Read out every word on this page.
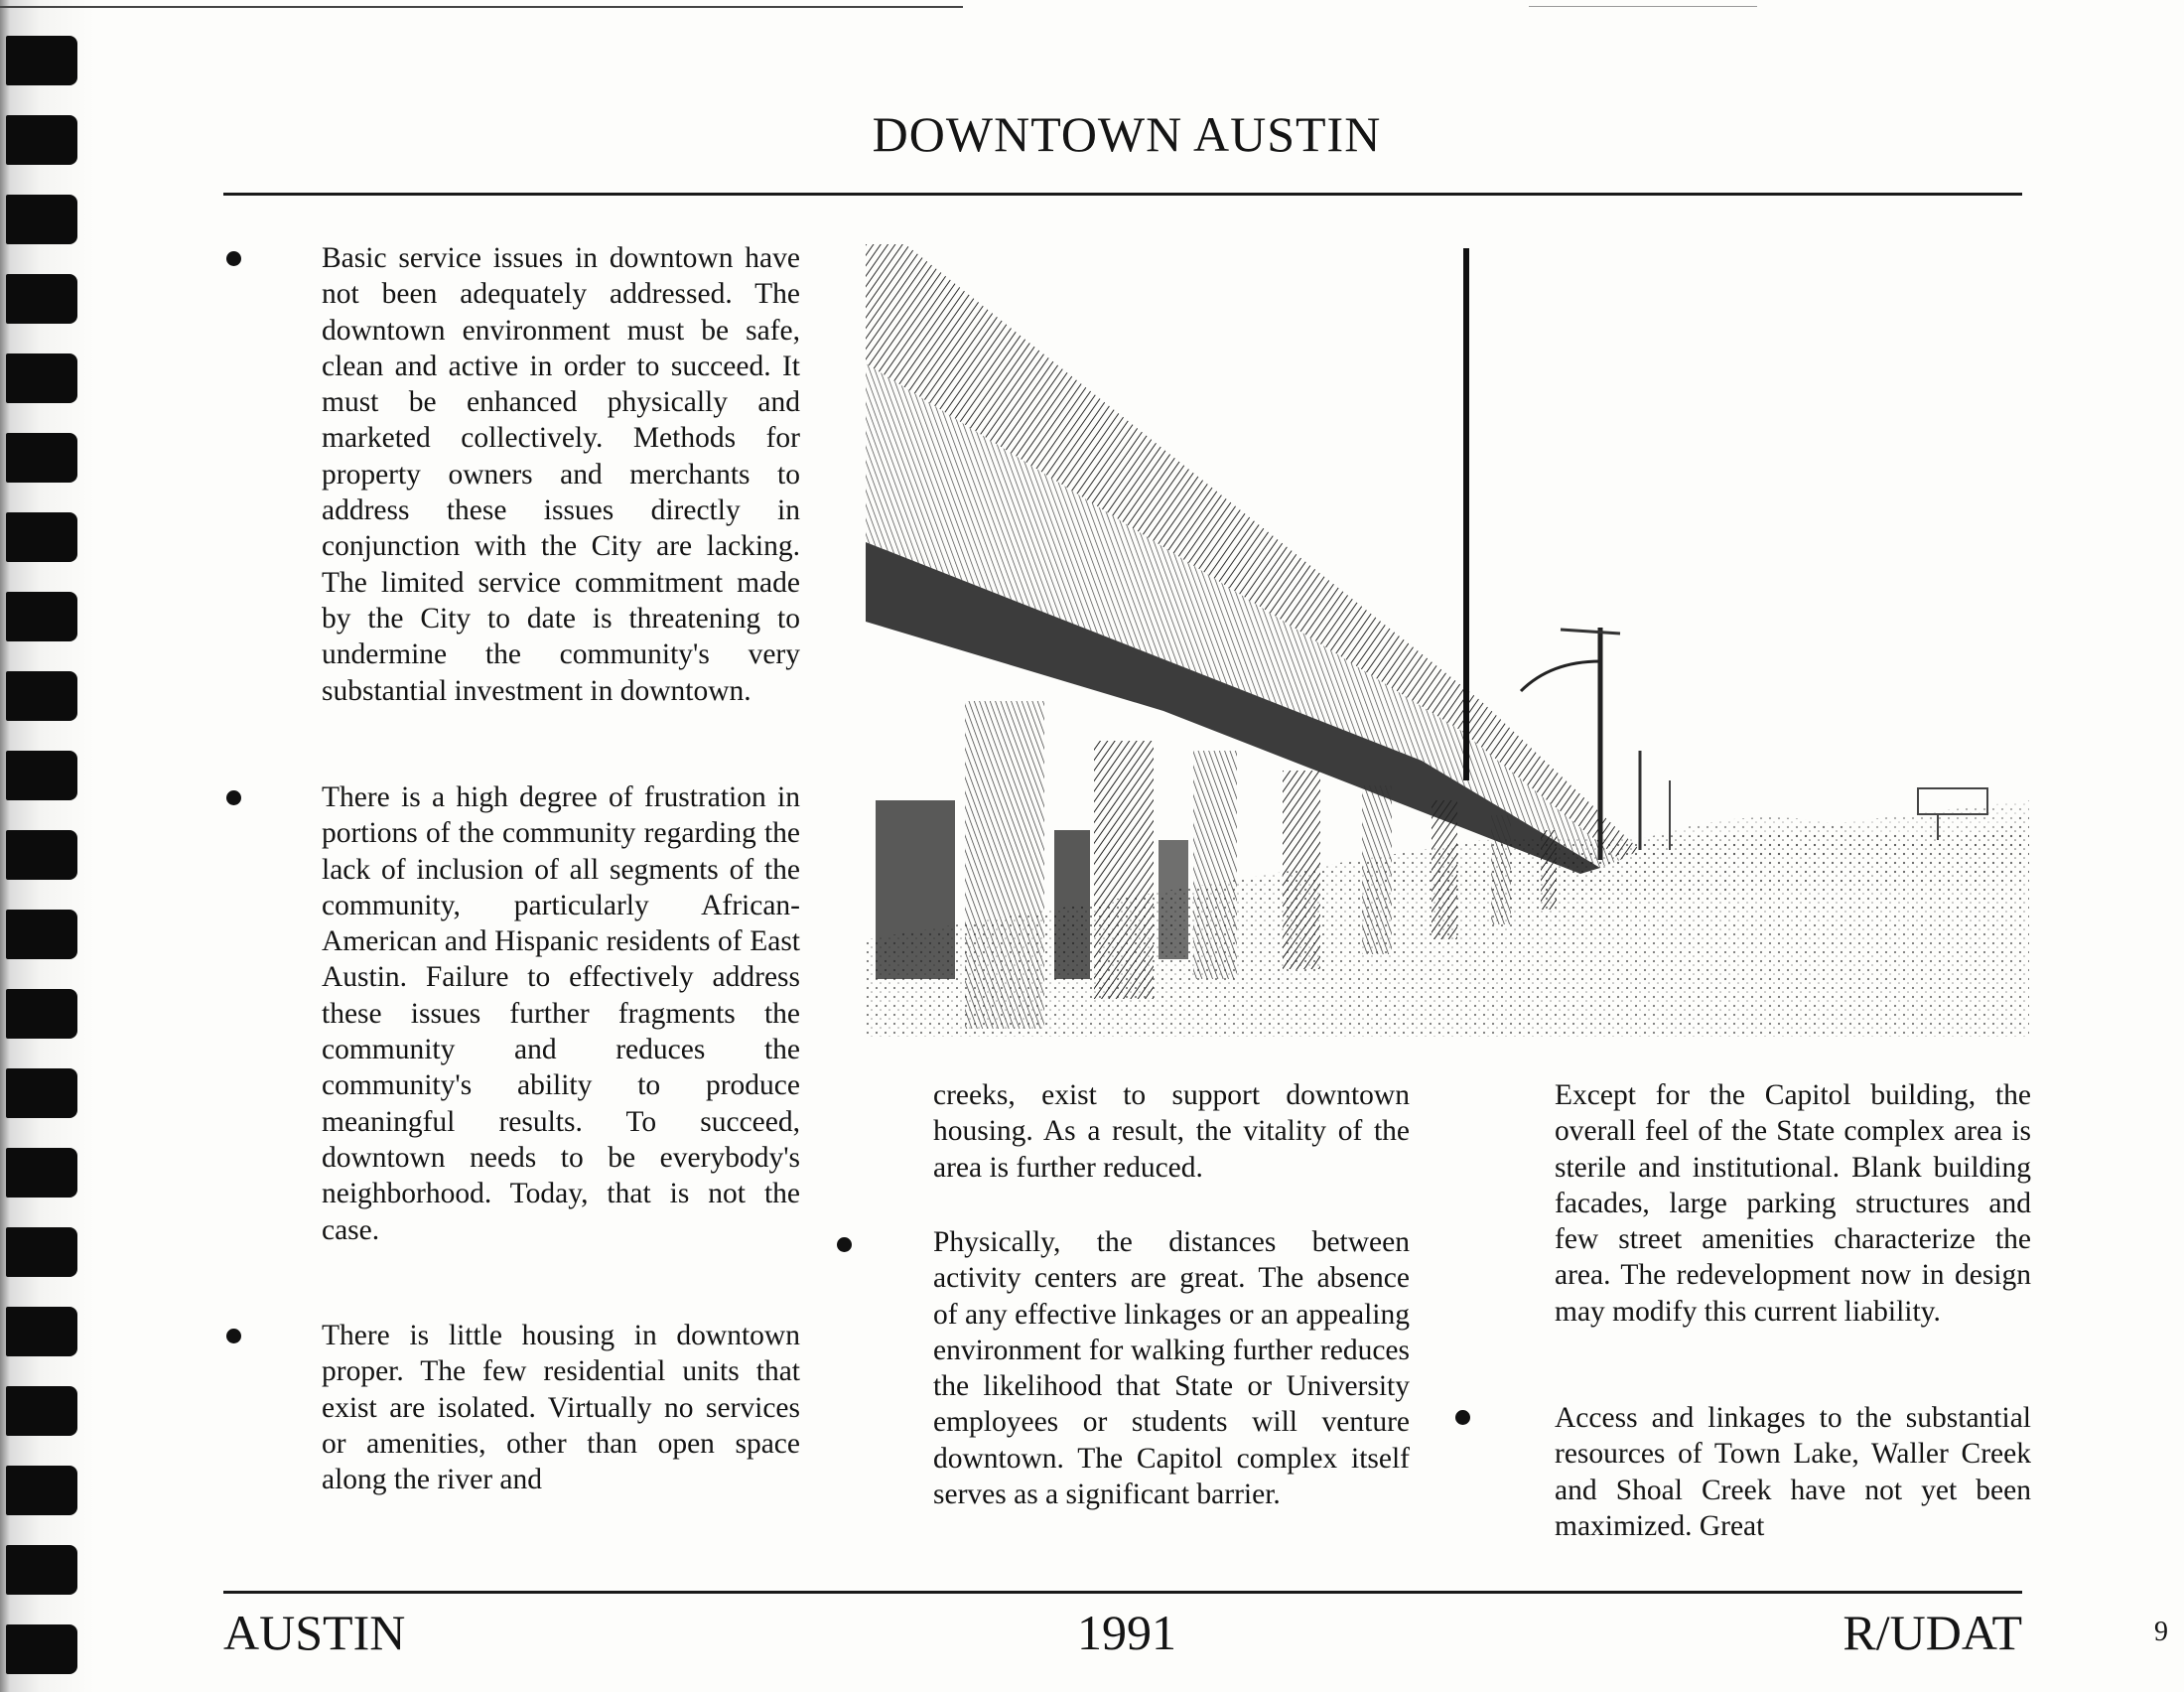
DOWNTOWN AUSTIN

Basic service issues in downtown have not been adequately addressed. The downtown environment must be safe, clean and active in order to succeed. It must be enhanced physically and marketed collectively. Methods for property owners and merchants to address these issues directly in conjunction with the City are lacking. The limited service commitment made by the City to date is threatening to undermine the community's very substantial investment in downtown.

There is a high degree of frustration in portions of the community regarding the lack of inclusion of all segments of the community, particularly African-American and Hispanic residents of East Austin. Failure to effectively address these issues further fragments the community and reduces the community's ability to produce meaningful results. To succeed, downtown needs to be everybody's neighborhood. Today, that is not the case.

There is little housing in downtown proper. The few residential units that exist are isolated. Virtually no services or amenities, other than open space along the river and

creeks, exist to support downtown housing. As a result, the vitality of the area is further reduced.

Physically, the distances between activity centers are great. The absence of any effective linkages or an appealing environment for walking further reduces the likelihood that State or University employees or students will venture downtown. The Capitol complex itself serves as a significant barrier.

Except for the Capitol building, the overall feel of the State complex area is sterile and institutional. Blank building facades, large parking structures and few street amenities characterize the area. The redevelopment now in design may modify this current liability.

Access and linkages to the substantial resources of Town Lake, Waller Creek and Shoal Creek have not yet been maximized. Great

AUSTIN	1991	R/UDAT	9
